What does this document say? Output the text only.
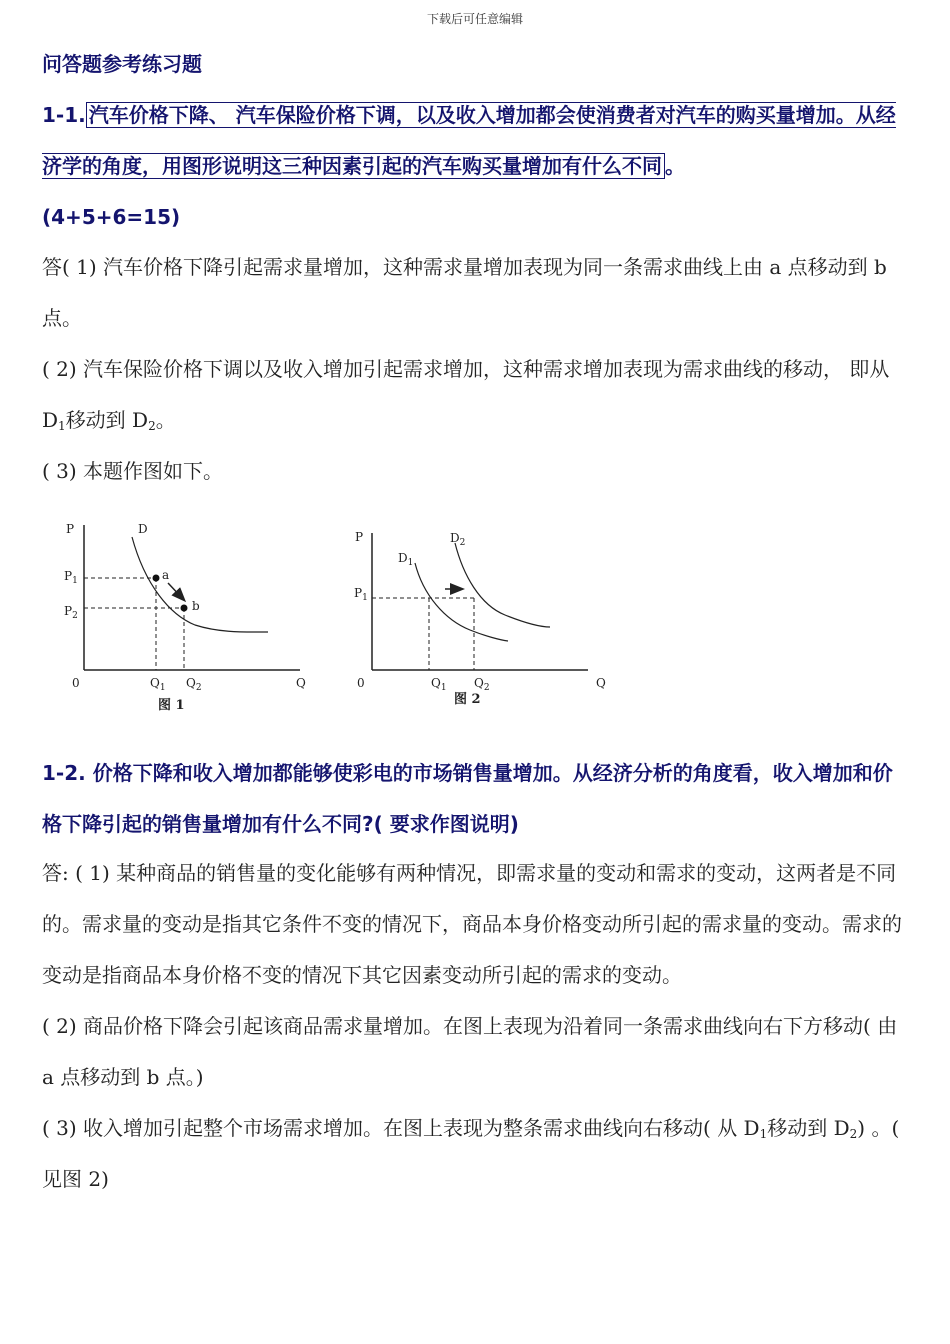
下载后可任意编辑
问答题参考练习题
1-1. 汽车价格下降、 汽车保险价格下调，以及收入增加都会使消费者对汽车的购买量增加。从经济学的角度，用图形说明这三种因素引起的汽车购买量增加有什么不同 。
(4+5+6=15)
答( 1) 汽车价格下降引起需求量增加，这种需求量增加表现为同一条需求曲线上由 a 点移动到 b 点。
( 2) 汽车保险价格下调以及收入增加引起需求增加，这种需求增加表现为需求曲线的移动， 即从 $D_1$移动到 $D_2$。
( 3) 本题作图如下。
P	D
$P_1$
$P_2$
a
b
0	$Q_1$ $Q_2$	Q
图 1
P
$D_1$
$D_2$
$P_1$
0	$Q_1$ $Q_2$	Q
图 2
1-2. 价格下降和收入增加都能够使彩电的市场销售量增加。从经济分析的角度看，收入增加和价格下降引起的销售量增加有什么不同?( 要求作图说明)
答: ( 1) 某种商品的销售量的变化能够有两种情况，即需求量的变动和需求的变动，这两者是不同的。需求量的变动是指其它条件不变的情况下，商品本身价格变动所引起的需求量的变动。需求的变动是指商品本身价格不变的情况下其它因素变动所引起的需求的变动。
( 2) 商品价格下降会引起该商品需求量增加。在图上表现为沿着同一条需求曲线向右下方移动( 由 a 点移动到 b 点。)
( 3) 收入增加引起整个市场需求增加。在图上表现为整条需求曲线向右移动( 从 $D_1$移动到 $D_2$) 。( 见图 2)
